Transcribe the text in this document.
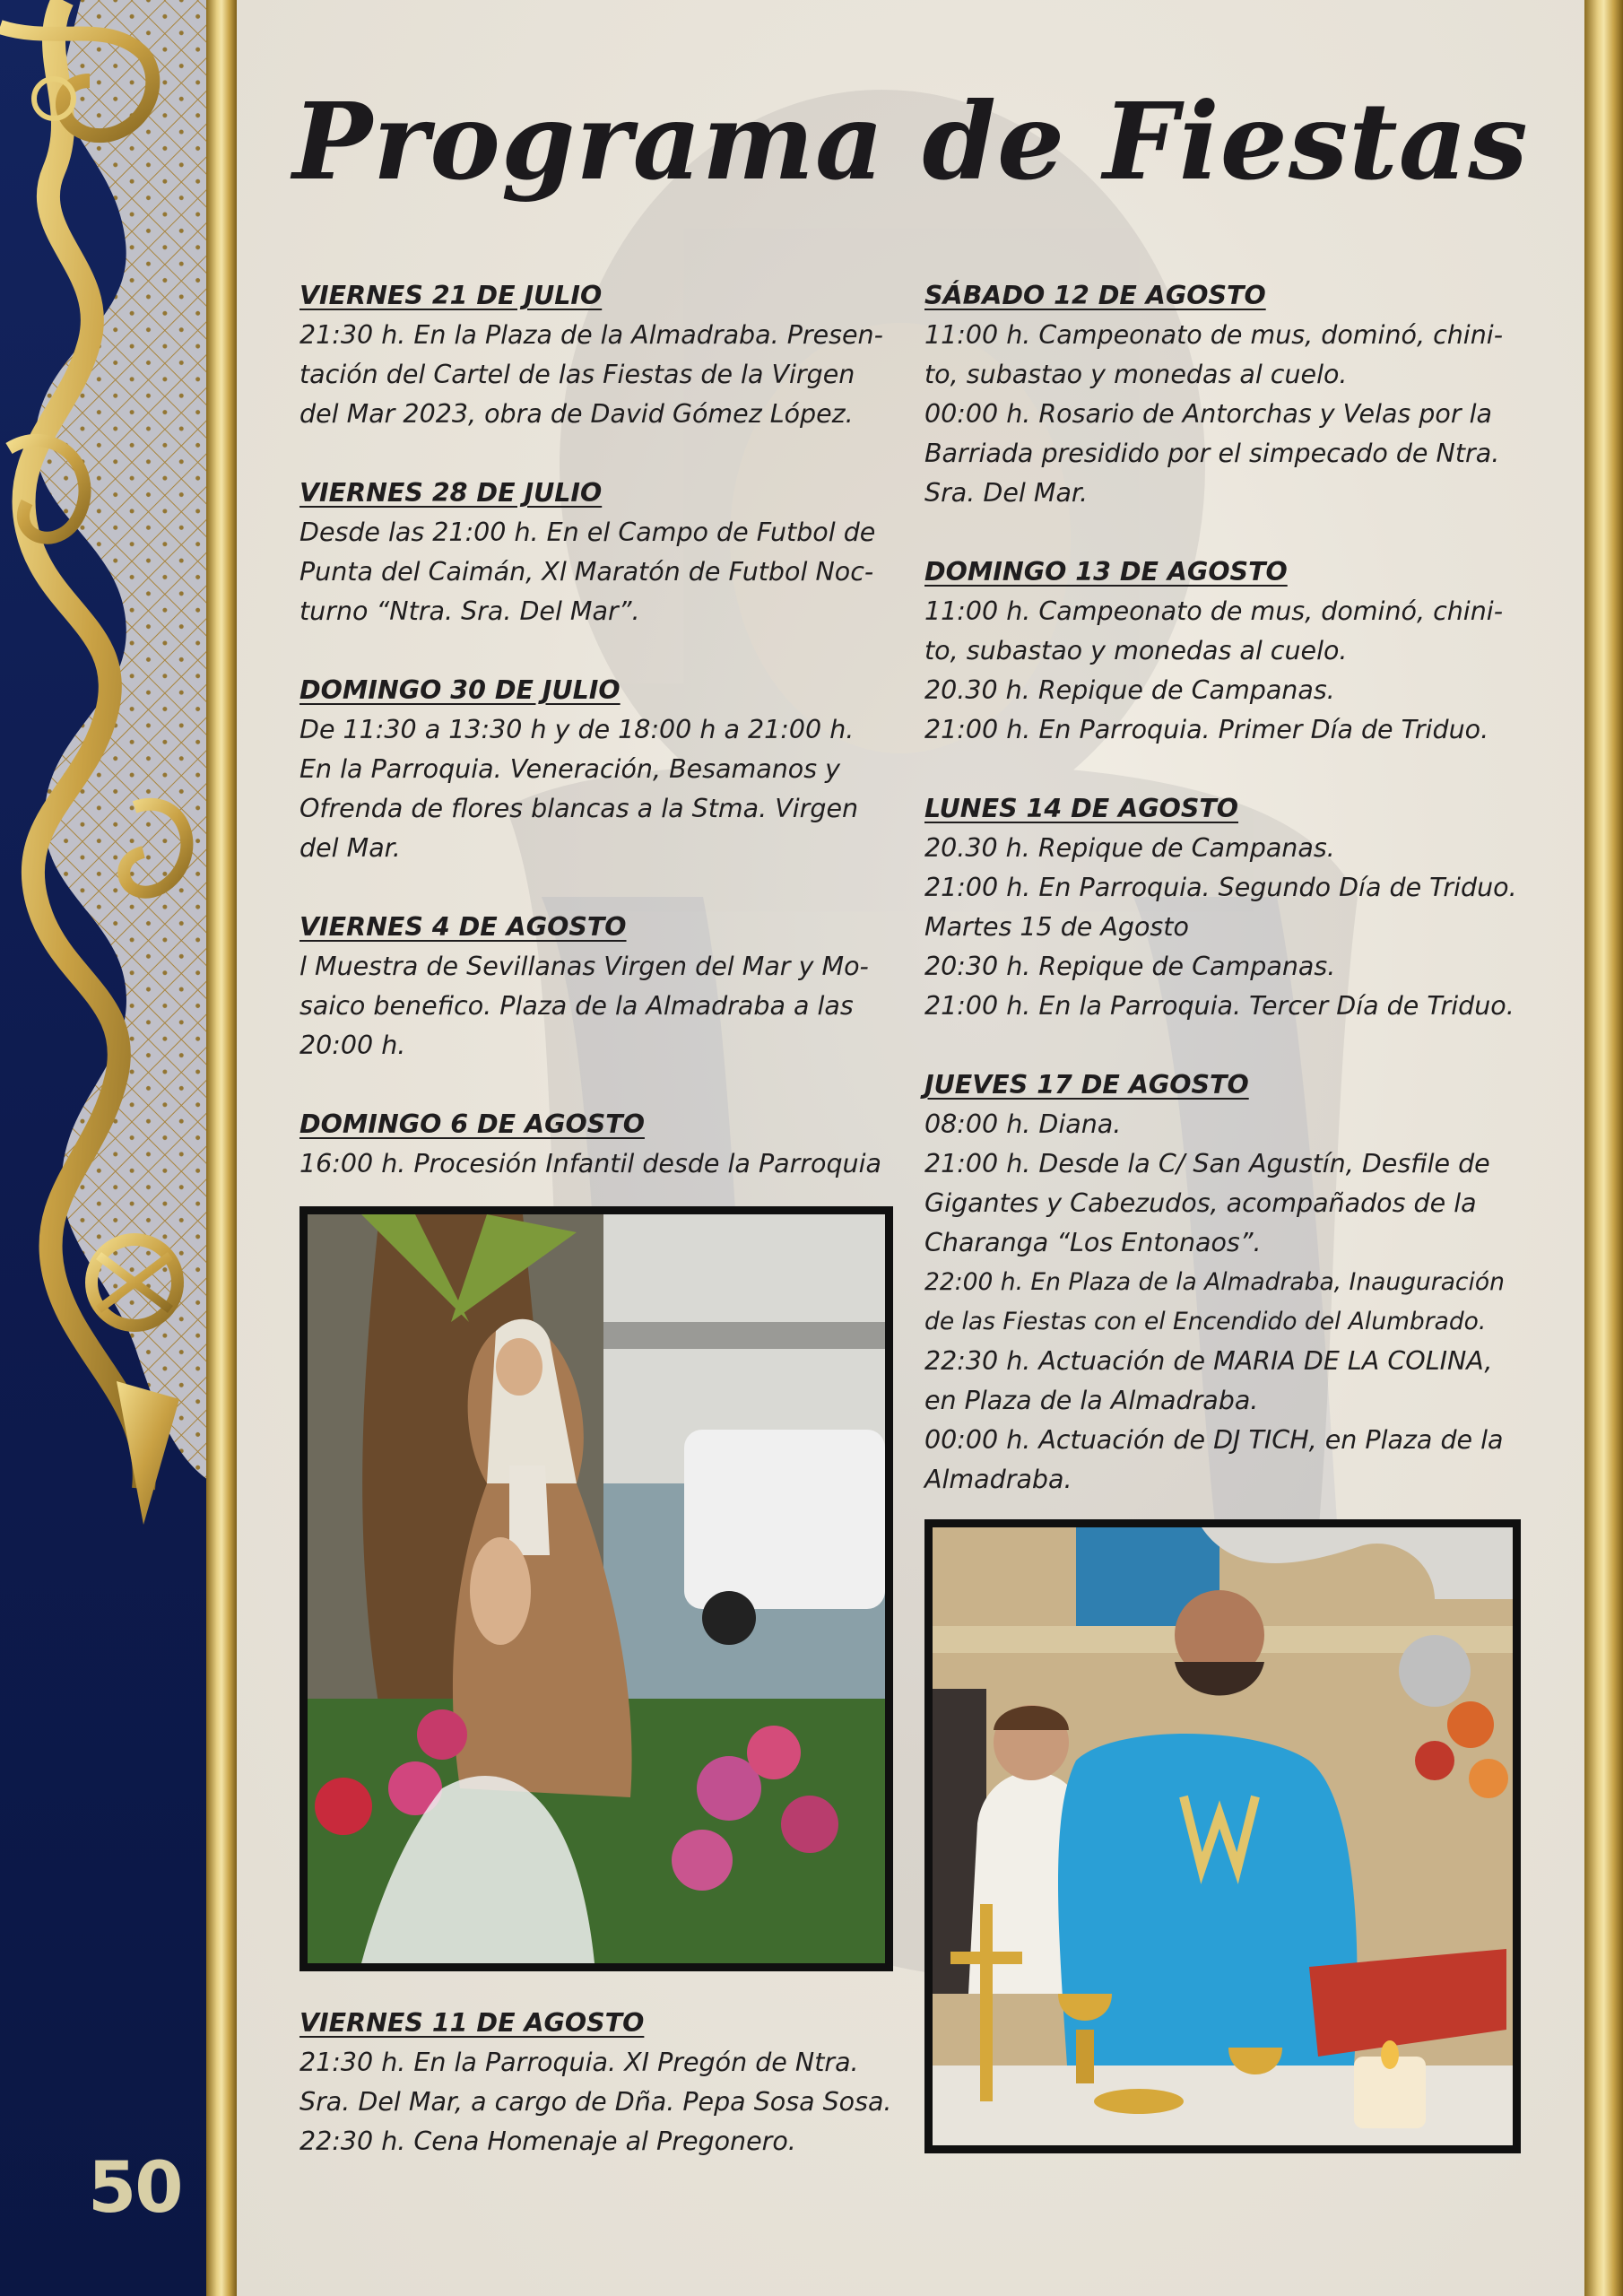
50
Programa de Fiestas

VIERNES 21 DE JULIO

21:30 h. En la Plaza de la Almadraba. Presen-

tación del Cartel de las Fiestas de la Virgen

del Mar 2023, obra de David Gómez López.

VIERNES 28 DE JULIO

Desde las 21:00 h. En el Campo de Futbol de

Punta del Caimán, Xl Maratón de Futbol Noc-

turno “Ntra. Sra. Del Mar”.

DOMINGO 30 DE JULIO

De 11:30 a 13:30 h y de 18:00 h a 21:00 h.

En la Parroquia. Veneración, Besamanos y

Ofrenda de flores blancas a la Stma. Virgen

del Mar.

VIERNES 4 DE AGOSTO

l Muestra de Sevillanas Virgen del Mar y Mo-

saico benefico. Plaza de la Almadraba a las

20:00 h.

DOMINGO 6 DE AGOSTO

16:00 h. Procesión Infantil desde la Parroquia

VIERNES 11 DE AGOSTO

21:30 h. En la Parroquia. XI Pregón de Ntra.

Sra. Del Mar, a cargo de Dña. Pepa Sosa Sosa.

22:30 h. Cena Homenaje al Pregonero.

SÁBADO 12 DE AGOSTO

11:00 h. Campeonato de mus, dominó, chini-

to, subastao y monedas al cuelo.

00:00 h. Rosario de Antorchas y Velas por la

Barriada presidido por el simpecado de Ntra.

Sra. Del Mar.

DOMINGO 13 DE AGOSTO

11:00 h. Campeonato de mus, dominó, chini-

to, subastao y monedas al cuelo.

20.30 h. Repique de Campanas.

21:00 h. En Parroquia. Primer Día de Triduo.

LUNES 14 DE AGOSTO

20.30 h. Repique de Campanas.

21:00 h. En Parroquia. Segundo Día de Triduo.

Martes 15 de Agosto

20:30 h. Repique de Campanas.

21:00 h. En la Parroquia. Tercer Día de Triduo.

JUEVES 17 DE AGOSTO

08:00 h. Diana.

21:00 h. Desde la C/ San Agustín, Desfile de

Gigantes y Cabezudos, acompañados de la

Charanga “Los Entonaos”.

22:00 h. En Plaza de la Almadraba, Inauguración

de las Fiestas con el Encendido del Alumbrado.

22:30 h. Actuación de MARIA DE LA COLINA,

en Plaza de la Almadraba.

00:00 h. Actuación de DJ TICH, en Plaza de la

Almadraba.
